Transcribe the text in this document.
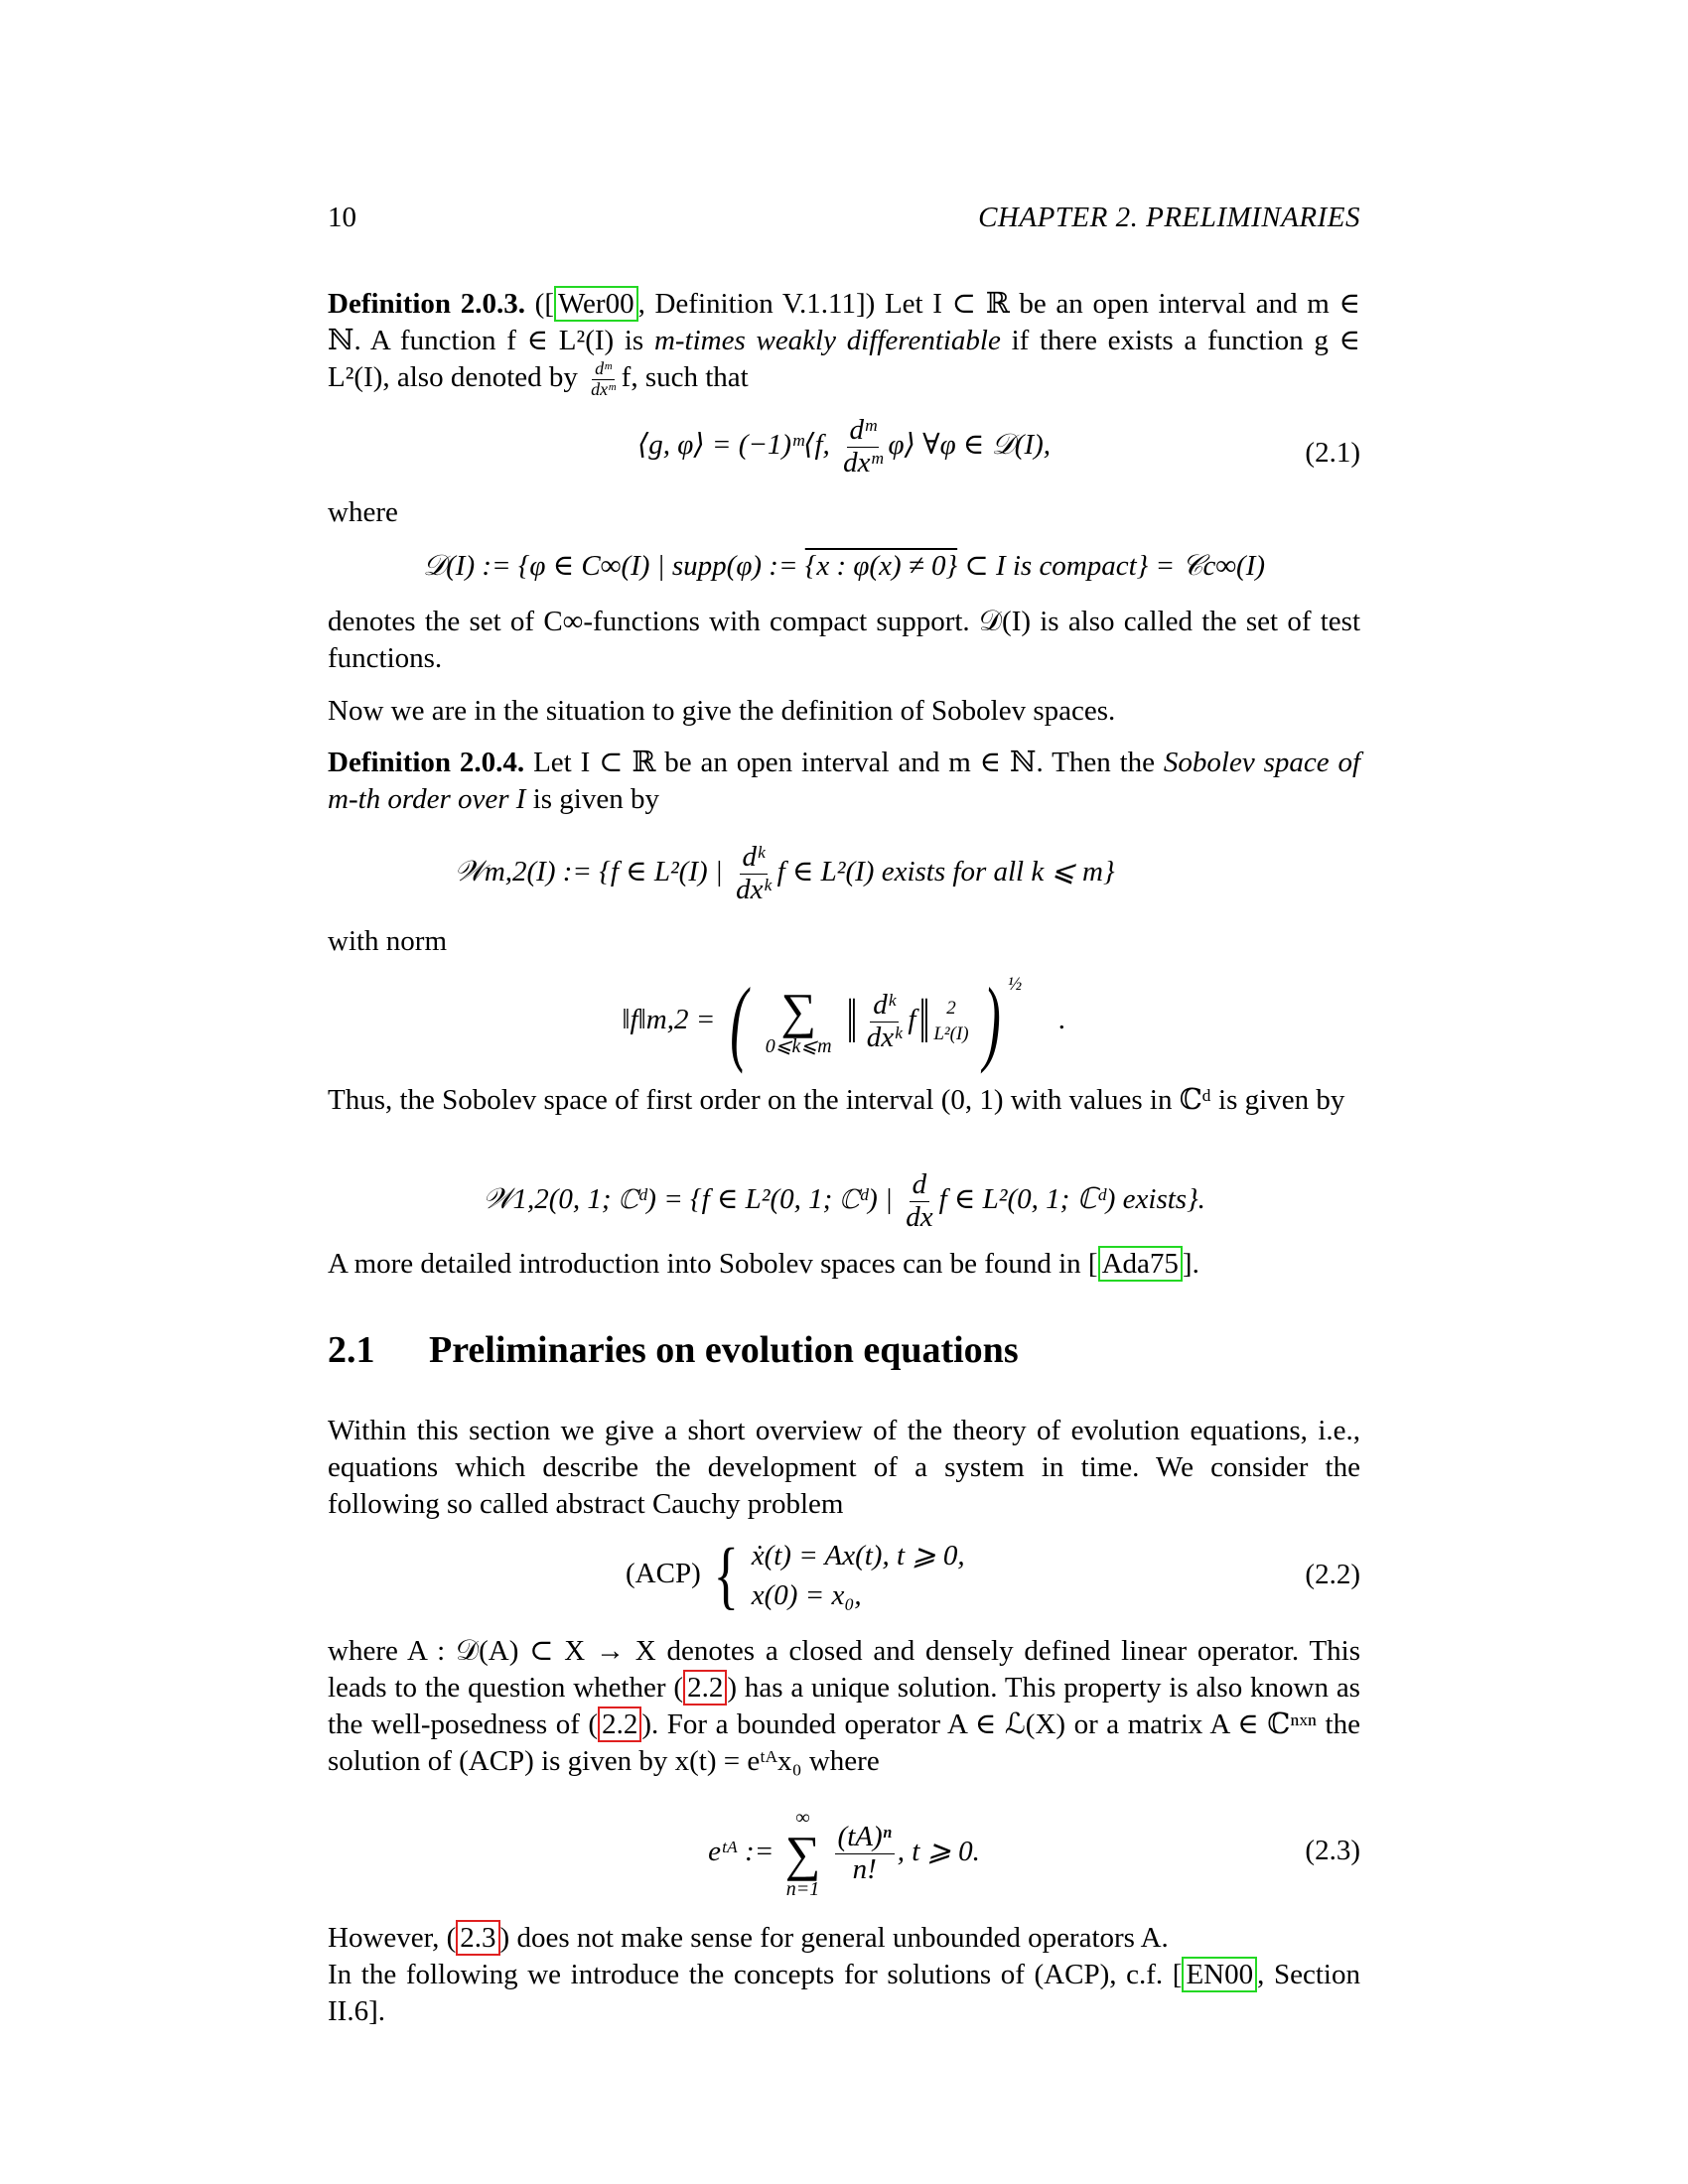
10	CHAPTER 2. PRELIMINARIES

Definition 2.0.3. ([ Wer00 , Definition V.1.11]) Let I ⊂ ℝ be an open interval and m ∈ ℕ. A function f ∈ L²(I) is m-times weakly differentiable if there exists a function g ∈ L²(I), also denoted by $\frac{\text{dᵐ}}{\text{dxᵐ}} f$, such that

⟨g, φ⟩ = (−1)ᵐ⟨f, $\frac{\text{dᵐ}}{\text{dxᵐ}}$ φ⟩ ∀φ ∈ 𝒟(I),	(2.1)

where

𝒟(I) := {φ ∈ C∞(I) | supp(φ) := {x : φ(x) ≠ 0} ⊂ I is compact} = 𝒞c∞(I)

denotes the set of C∞-functions with compact support. 𝒟(I) is also called the set of test functions.

Now we are in the situation to give the definition of Sobolev spaces.

Definition 2.0.4. Let I ⊂ ℝ be an open interval and m ∈ ℕ. Then the Sobolev space of m-th order over I is given by

𝒲m,2(I) := {f ∈ L²(I) | $\frac{\text{dᵏ}}{\text{dxᵏ}}$ f ∈ L²(I) exists for all k ⩽ m}

with norm

‖f‖m,2 = ( ∑
0⩽k⩽m ‖ $\frac{\text{dᵏ}}{\text{dxᵏ}}$ f‖ 2
L²(I) ) $^{\frac{1}{2}}$ .

Thus, the Sobolev space of first order on the interval (0, 1) with values in ℂᵈ is given by

𝒲1,2(0, 1; ℂᵈ) = {f ∈ L²(0, 1; ℂᵈ) | $\frac{d}{dx}$ f ∈ L²(0, 1; ℂᵈ) exists}.

A more detailed introduction into Sobolev spaces can be found in [ Ada75 ].

2.1 Preliminaries on evolution equations

Within this section we give a short overview of the theory of evolution equations, i.e., equations which describe the development of a system in time. We consider the following so called abstract Cauchy problem

(ACP) { ẋ(t) = Ax(t), t ⩾ 0,
x(0) = x₀,
(2.2)

where A : 𝒟(A) ⊂ X → X denotes a closed and densely defined linear operator. This leads to the question whether ( 2.2 ) has a unique solution. This property is also known as the well-posedness of ( 2.2 ). For a bounded operator A ∈ ℒ(X) or a matrix A ∈ ℂⁿˣⁿ the solution of (ACP) is given by x(t) = eᵗᴬx₀ where

eᵗᴬ :=
∞
∑
n=1

$\frac{\text{(tA)ⁿ}}{n!}$ , t ⩾ 0.	(2.3)

However, ( 2.3 ) does not make sense for general unbounded operators A.

In the following we introduce the concepts for solutions of (ACP), c.f. [ EN00 , Section II.6].
